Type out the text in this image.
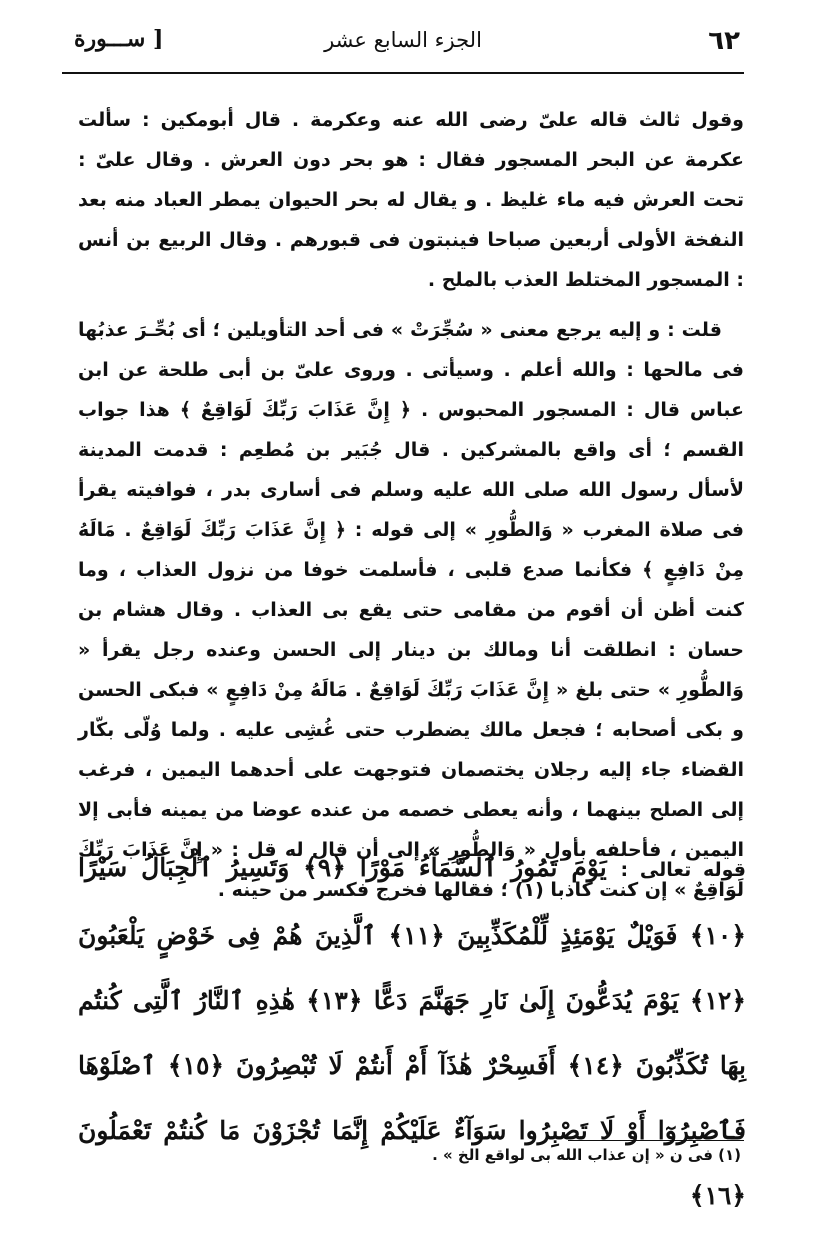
٦٢
الجزء السابع عشر
[ ســـورة

وقول ثالث قاله علىّ رضى الله عنه وعكرمة . قال أبومكين : سألت عكرمة عن البحر المسجور فقال : هو بحر دون العرش . وقال علىّ : تحت العرش فيه ماء غليظ . و يقال له بحر الحيوان يمطر العباد منه بعد النفخة الأولى أربعين صباحا فينبتون فى قبورهم . وقال الربيع بن أنس : المسجور المختلط العذب بالملح .

قلت : و إليه يرجع معنى « سُجِّرَتْ » فى أحد التأويلين ؛ أى بُحِّـرَ عذبُها فى مالحها : والله أعلم . وسيأتى . وروى علىّ بن أبى طلحة عن ابن عباس قال : المسجور المحبوس . ﴿ إِنَّ عَذَابَ رَبِّكَ لَوَاقِعٌ ﴾ هذا جواب القسم ؛ أى واقع بالمشركين . قال جُبَير بن مُطعِم : قدمت المدينة لأسأل رسول الله صلى الله عليه وسلم فى أسارى بدر ، فوافيته يقرأ فى صلاة المغرب « وَالطُّورِ » إلى قوله : ﴿ إِنَّ عَذَابَ رَبِّكَ لَوَاقِعٌ . مَالَهُ مِنْ دَافِعٍ ﴾ فكأنما صدع قلبى ، فأسلمت خوفا من نزول العذاب ، وما كنت أظن أن أقوم من مقامى حتى يقع بى العذاب . وقال هشام بن حسان : انطلقت أنا ومالك بن دينار إلى الحسن وعنده رجل يقرأ « وَالطُّورِ » حتى بلغ « إِنَّ عَذَابَ رَبِّكَ لَوَاقِعٌ . مَالَهُ مِنْ دَافِعٍ » فبكى الحسن و بكى أصحابه ؛ فجعل مالك يضطرب حتى غُشِى عليه . ولما وُلّى بكّار القضاء جاء إليه رجلان يختصمان فتوجهت على أحدهما اليمين ، فرغب إلى الصلح بينهما ، وأنه يعطى خصمه من عنده عوضا من يمينه فأبى إلا اليمين ، فأحلفه بأول « وَالطُّورِ » إلى أن قال له قل : « إِنَّ عَذَابَ رَبِّكَ لَوَاقِعٌ » إن كنت كاذبا (١) ؛ فقالها فخرج فكسر من حينه .

قوله تعالى : يَوْمَ تَمُورُ ٱلسَّمَآءُ مَوْرًا ﴿٩﴾ وَتَسِيرُ ٱلْجِبَالُ سَيْرًا ﴿١٠﴾ فَوَيْلٌ يَوْمَئِذٍ لِّلْمُكَذِّبِينَ ﴿١١﴾ ٱلَّذِينَ هُمْ فِى خَوْضٍ يَلْعَبُونَ ﴿١٢﴾ يَوْمَ يُدَعُّونَ إِلَىٰ نَارِ جَهَنَّمَ دَعًّا ﴿١٣﴾ هَٰذِهِ ٱلنَّارُ ٱلَّتِى كُنتُم بِهَا تُكَذِّبُونَ ﴿١٤﴾ أَفَسِحْرٌ هَٰذَآ أَمْ أَنتُمْ لَا تُبْصِرُونَ ﴿١٥﴾ ٱصْلَوْهَا فَٱصْبِرُوٓا أَوْ لَا تَصْبِرُوا سَوَآءٌ عَلَيْكُمْ إِنَّمَا تُجْزَوْنَ مَا كُنتُمْ تَعْمَلُونَ ﴿١٦﴾
(١) فى ن « إن عذاب الله بى لواقع الخ » .
